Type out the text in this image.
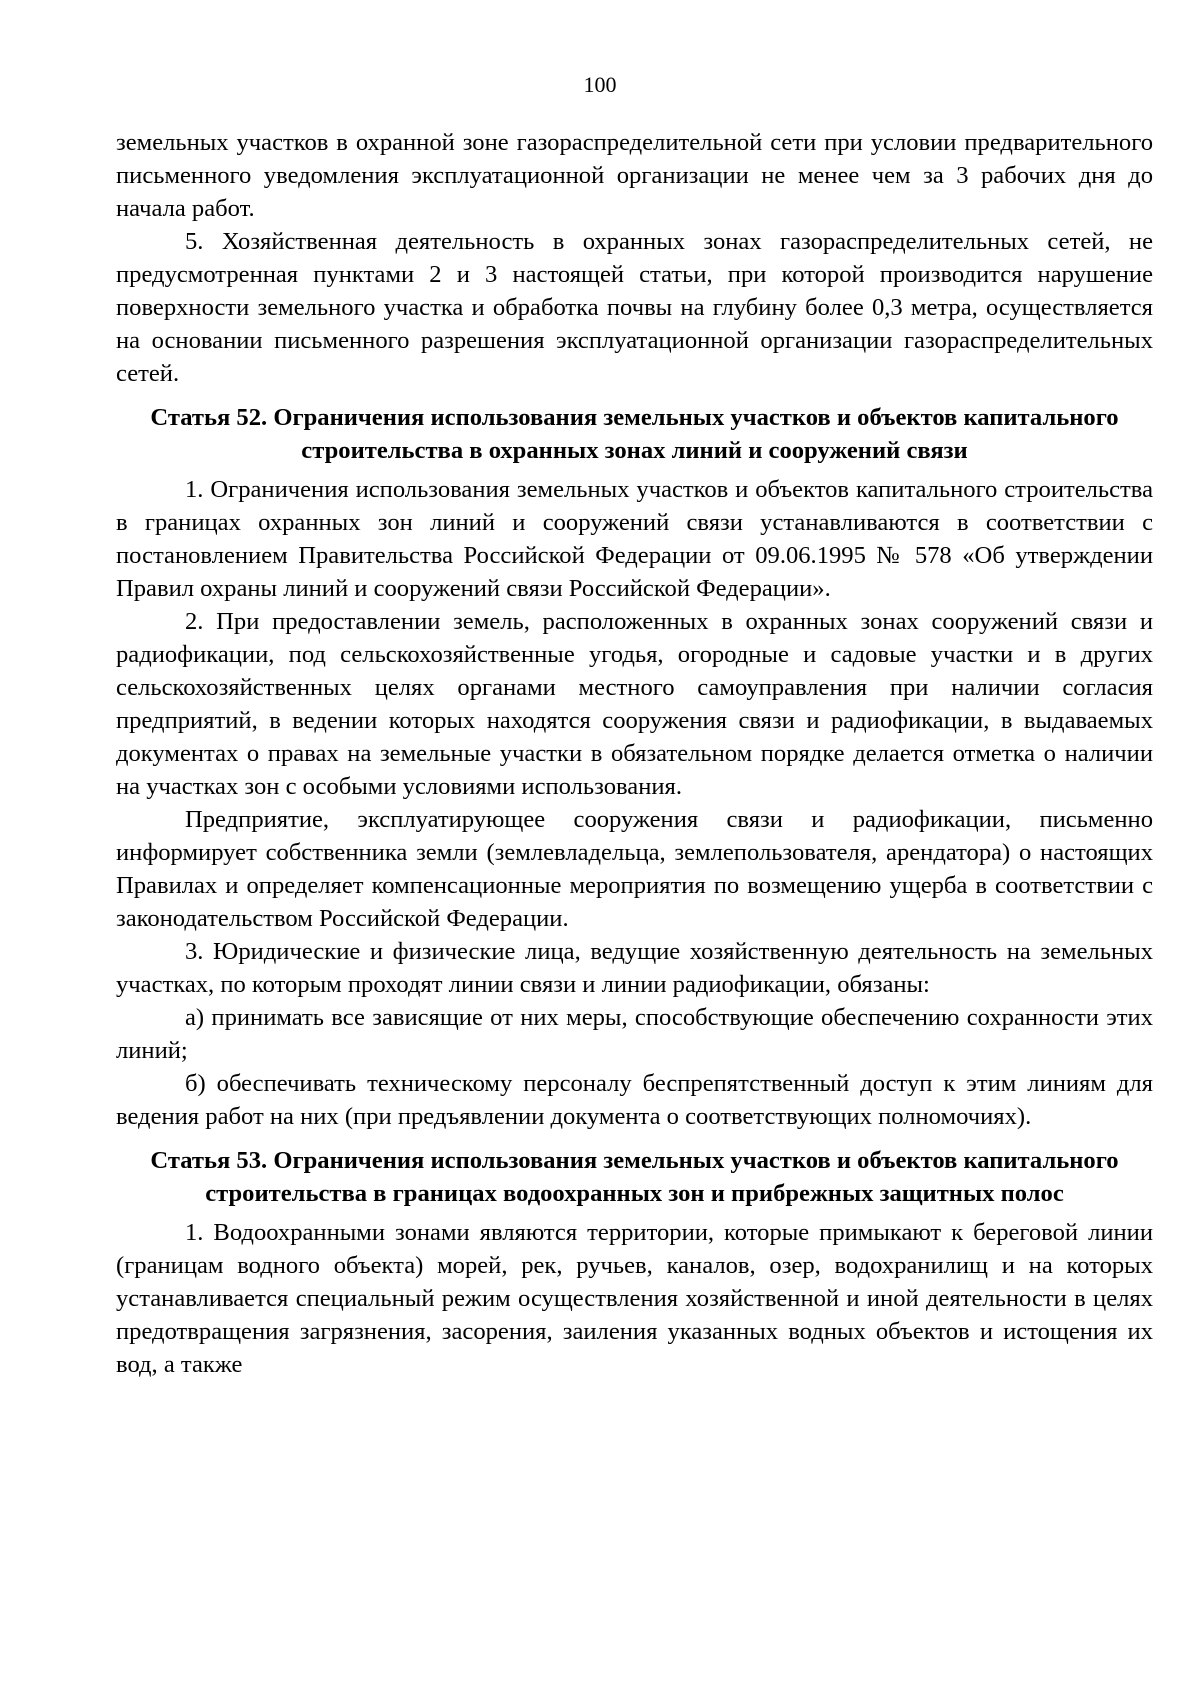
100

земельных участков в охранной зоне газораспределительной сети при условии предварительного письменного уведомления эксплуатационной организации не менее чем за 3 рабочих дня до начала работ.

5. Хозяйственная деятельность в охранных зонах газораспределительных сетей, не предусмотренная пунктами 2 и 3 настоящей статьи, при которой производится нарушение поверхности земельного участка и обработка почвы на глубину более 0,3 метра, осуществляется на основании письменного разрешения эксплуатационной организации газораспределительных сетей.

Статья 52. Ограничения использования земельных участков и объектов капитального строительства в охранных зонах линий и сооружений связи

1. Ограничения использования земельных участков и объектов капитального строительства в границах охранных зон линий и сооружений связи устанавливаются в соответствии с постановлением Правительства Российской Федерации от 09.06.1995 № 578 «Об утверждении Правил охраны линий и сооружений связи Российской Федерации».

2. При предоставлении земель, расположенных в охранных зонах сооружений связи и радиофикации, под сельскохозяйственные угодья, огородные и садовые участки и в других сельскохозяйственных целях органами местного самоуправления при наличии согласия предприятий, в ведении которых находятся сооружения связи и радиофикации, в выдаваемых документах о правах на земельные участки в обязательном порядке делается отметка о наличии на участках зон с особыми условиями использования.

Предприятие, эксплуатирующее сооружения связи и радиофикации, письменно информирует собственника земли (землевладельца, землепользователя, арендатора) о настоящих Правилах и определяет компенсационные мероприятия по возмещению ущерба в соответствии с законодательством Российской Федерации.

3. Юридические и физические лица, ведущие хозяйственную деятельность на земельных участках, по которым проходят линии связи и линии радиофикации, обязаны:

а) принимать все зависящие от них меры, способствующие обеспечению сохранности этих линий;

б) обеспечивать техническому персоналу беспрепятственный доступ к этим линиям для ведения работ на них (при предъявлении документа о соответствующих полномочиях).

Статья 53. Ограничения использования земельных участков и объектов капитального строительства в границах водоохранных зон и прибрежных защитных полос

1. Водоохранными зонами являются территории, которые примыкают к береговой линии (границам водного объекта) морей, рек, ручьев, каналов, озер, водохранилищ и на которых устанавливается специальный режим осуществления хозяйственной и иной деятельности в целях предотвращения загрязнения, засорения, заиления указанных водных объектов и истощения их вод, а также
